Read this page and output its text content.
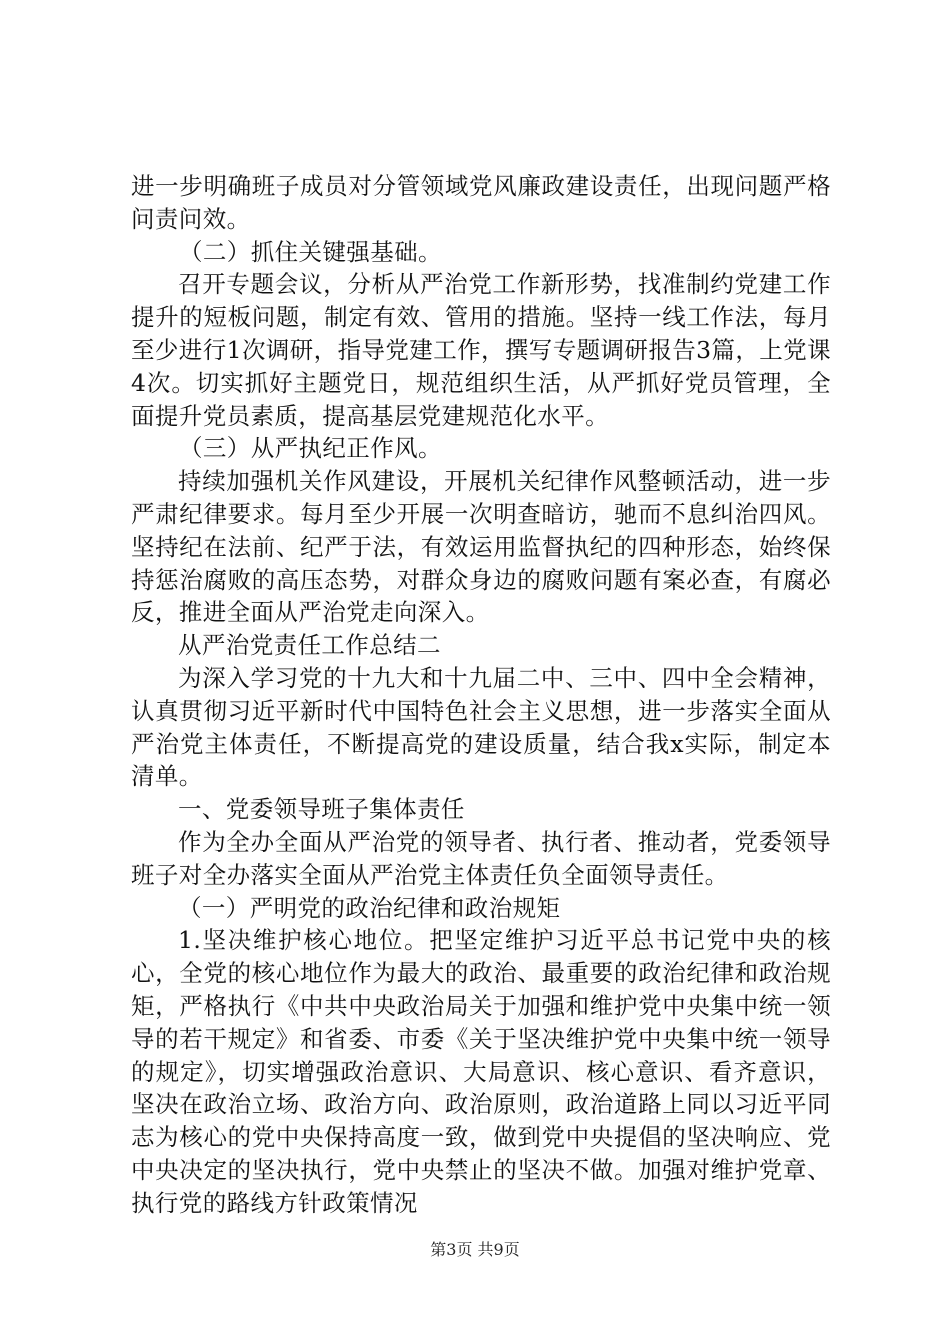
进一步明确班子成员对分管领域党风廉政建设责任，出现问题严格问责问效。

（二）抓住关键强基础。

召开专题会议，分析从严治党工作新形势，找准制约党建工作提升的短板问题，制定有效、管用的措施。坚持一线工作法，每月至少进行1次调研，指导党建工作，撰写专题调研报告3篇，上党课4次。切实抓好主题党日，规范组织生活，从严抓好党员管理，全面提升党员素质，提高基层党建规范化水平。

（三）从严执纪正作风。

持续加强机关作风建设，开展机关纪律作风整顿活动，进一步严肃纪律要求。每月至少开展一次明查暗访，驰而不息纠治四风。坚持纪在法前、纪严于法，有效运用监督执纪的四种形态，始终保持惩治腐败的高压态势，对群众身边的腐败问题有案必查，有腐必反，推进全面从严治党走向深入。

从严治党责任工作总结二

为深入学习党的十九大和十九届二中、三中、四中全会精神，认真贯彻习近平新时代中国特色社会主义思想，进一步落实全面从严治党主体责任，不断提高党的建设质量，结合我x实际，制定本清单。

一、党委领导班子集体责任

作为全办全面从严治党的领导者、执行者、推动者，党委领导班子对全办落实全面从严治党主体责任负全面领导责任。

（一）严明党的政治纪律和政治规矩

1.坚决维护核心地位。把坚定维护习近平总书记党中央的核心，全党的核心地位作为最大的政治、最重要的政治纪律和政治规矩，严格执行《中共中央政治局关于加强和维护党中央集中统一领导的若干规定》和省委、市委《关于坚决维护党中央集中统一领导的规定》，切实增强政治意识、大局意识、核心意识、看齐意识，坚决在政治立场、政治方向、政治原则，政治道路上同以习近平同志为核心的党中央保持高度一致，做到党中央提倡的坚决响应、党中央决定的坚决执行，党中央禁止的坚决不做。加强对维护党章、执行党的路线方针政策情况

第3页 共9页
